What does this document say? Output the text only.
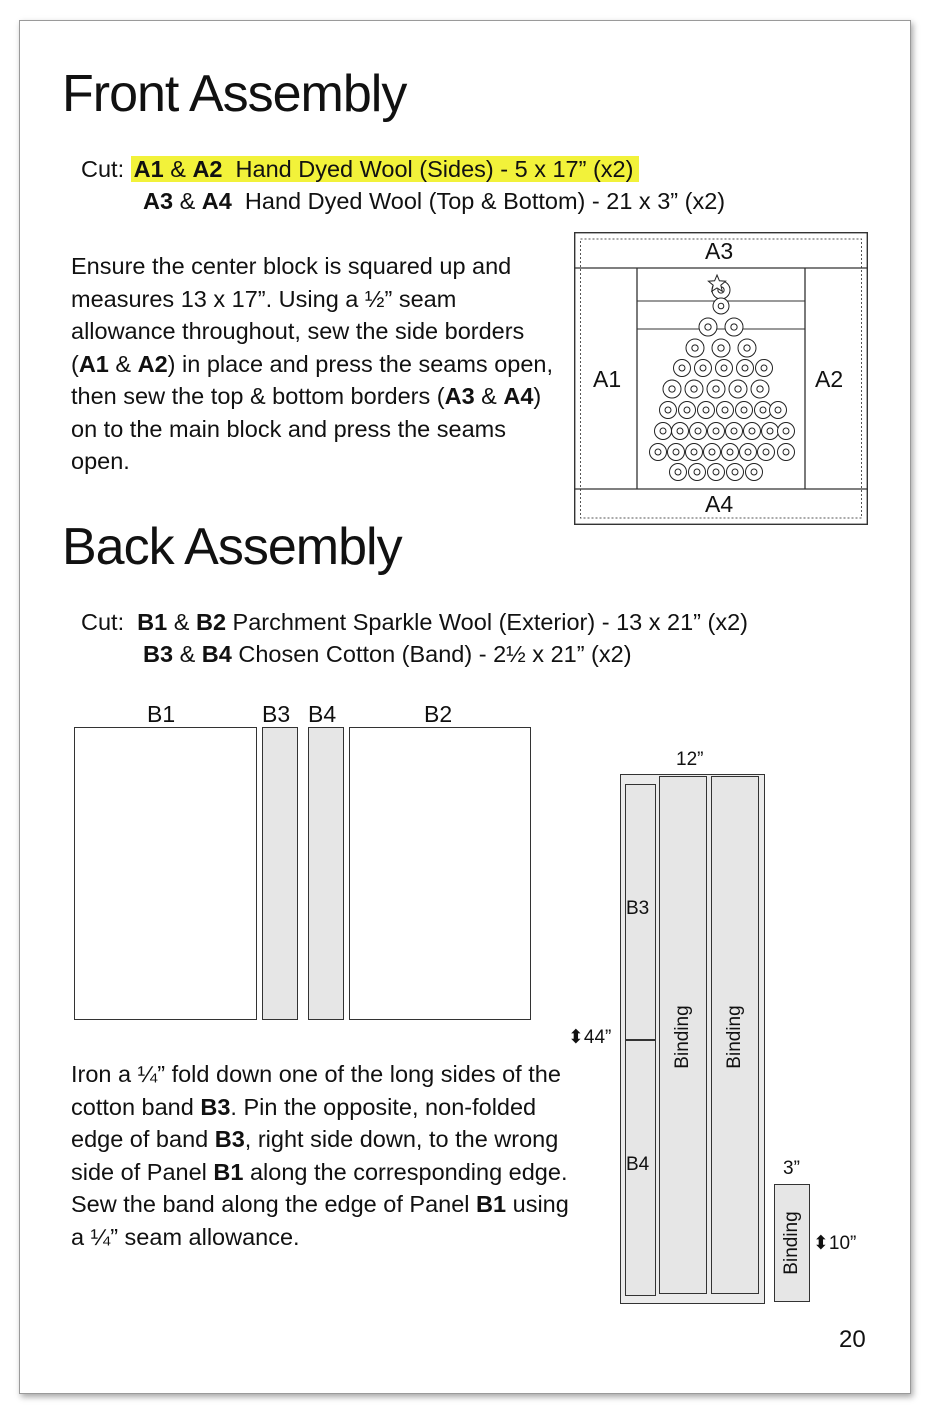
Front Assembly
Cut: A1 & A2 Hand Dyed Wool (Sides) - 5 x 17” (x2)
A3 & A4 Hand Dyed Wool (Top & Bottom) - 21 x 3” (x2)
Ensure the center block is squared up and measures 13 x 17”. Using a ½” seam allowance throughout, sew the side borders (A1 & A2) in place and press the seams open, then sew the top & bottom borders (A3 & A4) on to the main block and press the seams open.
A3
A1	A2
A4
Back Assembly
Cut: B1 & B2 Parchment Sparkle Wool (Exterior) - 13 x 21” (x2)
B3 & B4 Chosen Cotton (Band) - 2½ x 21” (x2)
B1	B3 B4	B2
Iron a ¼” fold down one of the long sides of the cotton band B3. Pin the opposite, non-folded edge of band B3, right side down, to the wrong side of Panel B1 along the corresponding edge. Sew the band along the edge of Panel B1 using a ¼” seam allowance.
12”
B3
B4
Binding Binding
⬍44”
3”
Binding ⬍10”
20
